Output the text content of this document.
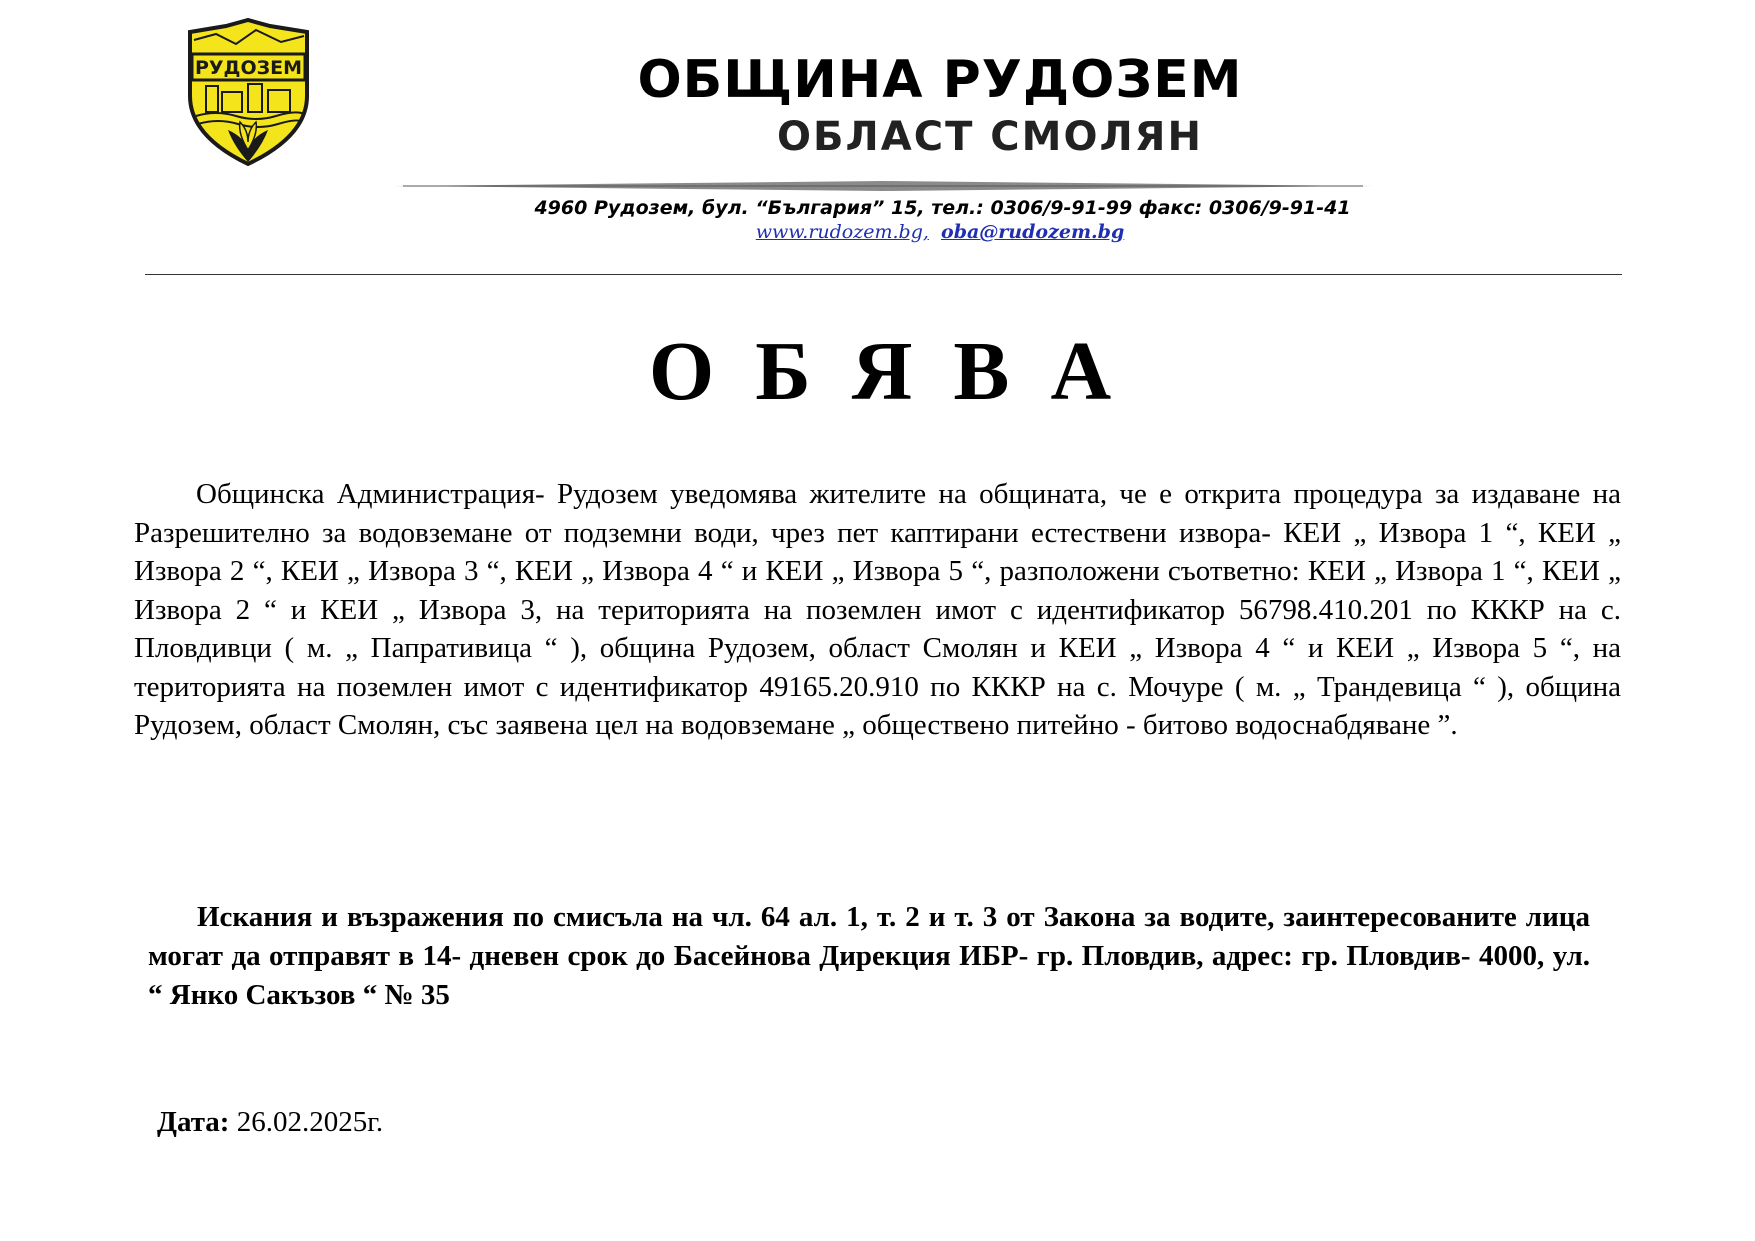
РУДОЗЕМ	ОБЩИНА РУДОЗЕМ
ОБЛАСТ СМОЛЯН
4960 Рудозем, бул. “България” 15, тел.: 0306/9-91-99 факс: 0306/9-91-41
www.rudozem.bg, oba@rudozem.bg
О Б Я В А

Общинска Администрация- Рудозем уведомява жителите на общината, че е открита процедура за издаване на Разрешително за водовземане от подземни води, чрез пет каптирани естествени извора- КЕИ „ Извора 1 “, КЕИ „ Извора 2 “, КЕИ „ Извора 3 “, КЕИ „ Извора 4 “ и КЕИ „ Извора 5 “, разположени съответно: КЕИ „ Извора 1 “, КЕИ „ Извора 2 “ и КЕИ „ Извора 3, на територията на поземлен имот с идентификатор 56798.410.201 по КККР на с. Пловдивци ( м. „ Папративица “ ), община Рудозем, област Смолян и КЕИ „ Извора 4 “ и КЕИ „ Извора 5 “, на територията на поземлен имот с идентификатор 49165.20.910 по КККР на с. Мочуре ( м. „ Трандевица “ ), община Рудозем, област Смолян, със заявена цел на водовземане „ обществено питейно - битово водоснабдяване ”.

Искания и възражения по смисъла на чл. 64 ал. 1, т. 2 и т. 3 от Закона за водите, заинтересованите лица могат да отправят в 14- дневен срок до Басейнова Дирекция ИБР- гр. Пловдив, адрес: гр. Пловдив- 4000, ул. “ Янко Сакъзов “ № 35

Дата: 26.02.2025г.
